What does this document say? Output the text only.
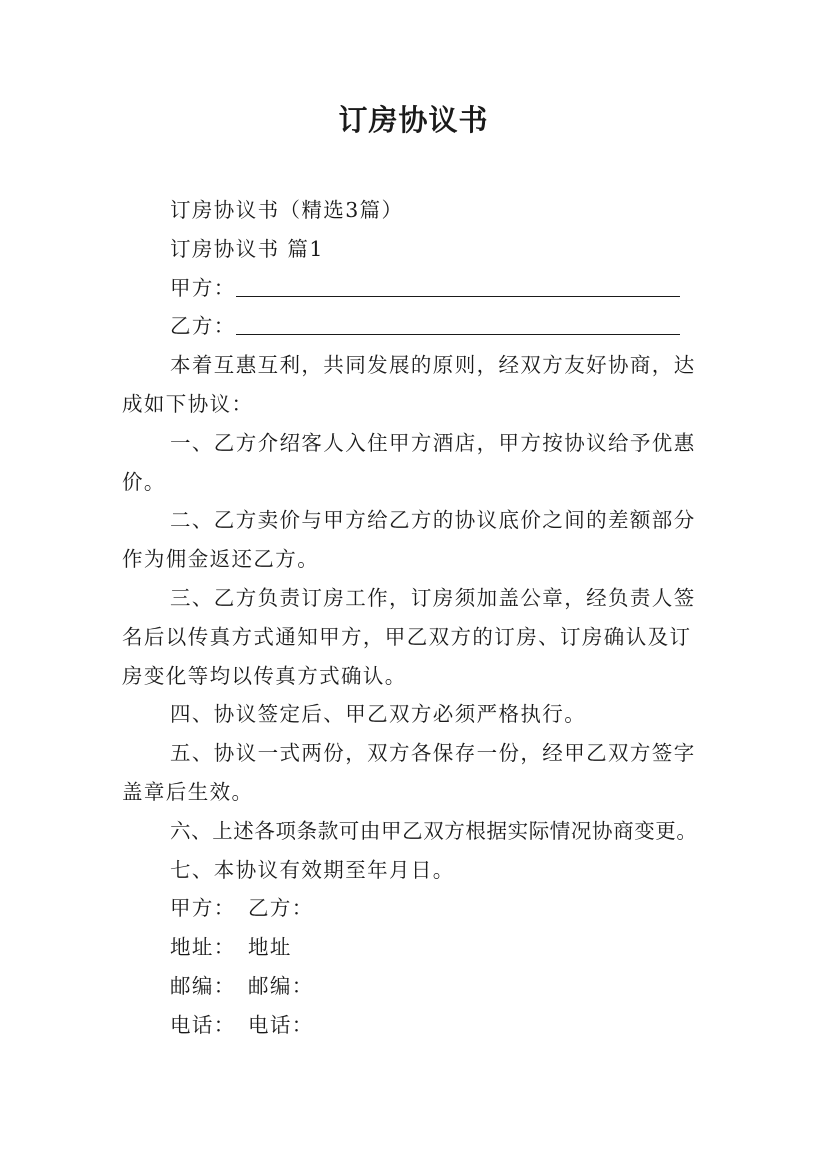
订房协议书

订房协议书（精选3篇）

订房协议书 篇1

甲方：

乙方：

本着互惠互利，共同发展的原则，经双方友好协商，达成如下协议：

一、乙方介绍客人入住甲方酒店，甲方按协议给予优惠价。

二、乙方卖价与甲方给乙方的协议底价之间的差额部分作为佣金返还乙方。

三、乙方负责订房工作，订房须加盖公章，经负责人签名后以传真方式通知甲方，甲乙双方的订房、订房确认及订房变化等均以传真方式确认。

四、协议签定后、甲乙双方必须严格执行。

五、协议一式两份，双方各保存一份，经甲乙双方签字盖章后生效。

六、上述各项条款可由甲乙双方根据实际情况协商变更。

七、本协议有效期至年月日。

甲方： 乙方：
地址： 地址
邮编： 邮编：
电话： 电话：
